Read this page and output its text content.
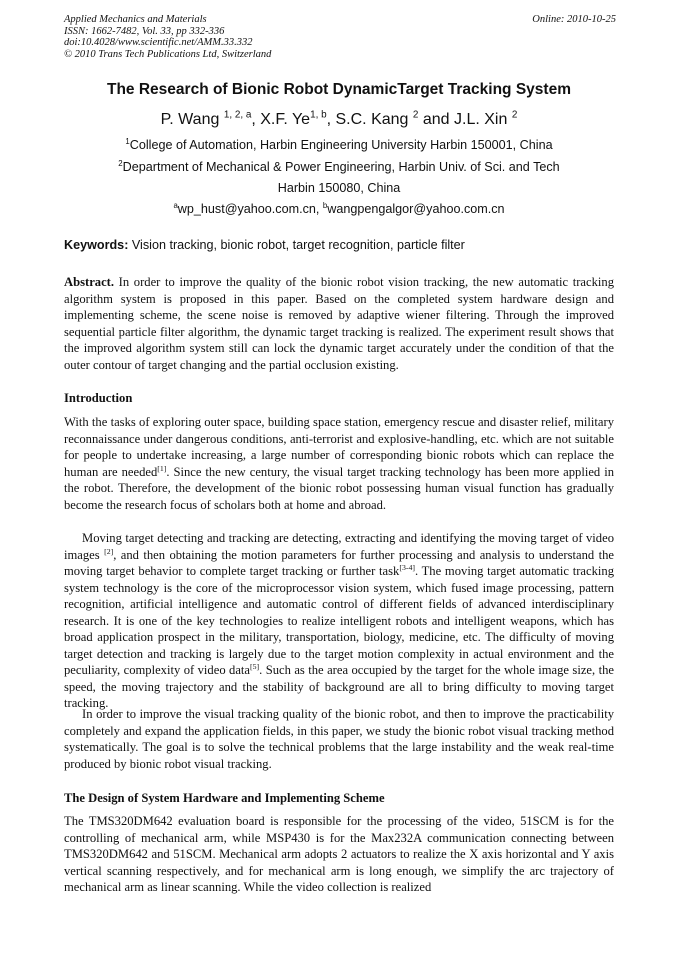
Applied Mechanics and Materials
ISSN: 1662-7482, Vol. 33, pp 332-336
doi:10.4028/www.scientific.net/AMM.33.332
© 2010 Trans Tech Publications Ltd, Switzerland
Online: 2010-10-25
The Research of Bionic Robot DynamicTarget Tracking System
P. Wang $^{1, 2, a}$, X.F. Ye$^{1, b}$, S.C. Kang $^2$ and J.L. Xin $^2$
$^1$College of Automation, Harbin Engineering University Harbin 150001, China
$^2$Department of Mechanical & Power Engineering, Harbin Univ. of Sci. and Tech
Harbin 150080, China
$^a$wp_hust@yahoo.com.cn, $^b$wangpengalgor@yahoo.com.cn
Keywords: Vision tracking, bionic robot, target recognition, particle filter
Abstract. In order to improve the quality of the bionic robot vision tracking, the new automatic tracking algorithm system is proposed in this paper. Based on the completed system hardware design and implementing scheme, the scene noise is removed by adaptive wiener filtering. Through the improved sequential particle filter algorithm, the dynamic target tracking is realized. The experiment result shows that the improved algorithm system still can lock the dynamic target accurately under the condition of that the outer contour of target changing and the partial occlusion existing.
Introduction
With the tasks of exploring outer space, building space station, emergency rescue and disaster relief, military reconnaissance under dangerous conditions, anti-terrorist and explosive-handling, etc. which are not suitable for people to undertake increasing, a large number of corresponding bionic robots which can replace the human are needed[1]. Since the new century, the visual target tracking technology has been more applied in the robot. Therefore, the development of the bionic robot possessing human visual function has gradually become the research focus of scholars both at home and abroad.
Moving target detecting and tracking are detecting, extracting and identifying the moving target of video images [2], and then obtaining the motion parameters for further processing and analysis to understand the moving target behavior to complete target tracking or further task[3-4]. The moving target automatic tracking system technology is the core of the microprocessor vision system, which fused image processing, pattern recognition, artificial intelligence and automatic control of different fields of advanced interdisciplinary research. It is one of the key technologies to realize intelligent robots and intelligent weapons, which has broad application prospect in the military, transportation, biology, medicine, etc. The difficulty of moving target detection and tracking is largely due to the target motion complexity in actual environment and the peculiarity, complexity of video data[5]. Such as the area occupied by the target for the whole image size, the speed, the moving trajectory and the stability of background are all to bring difficulty to moving target tracking.
In order to improve the visual tracking quality of the bionic robot, and then to improve the practicability completely and expand the application fields, in this paper, we study the bionic robot visual tracking method systematically. The goal is to solve the technical problems that the large instability and the weak real-time produced by bionic robot visual tracking.
The Design of System Hardware and Implementing Scheme
The TMS320DM642 evaluation board is responsible for the processing of the video, 51SCM is for the controlling of mechanical arm, while MSP430 is for the Max232A communication connecting between TMS320DM642 and 51SCM. Mechanical arm adopts 2 actuators to realize the X axis horizontal and Y axis vertical scanning respectively, and for mechanical arm is long enough, we simplify the arc trajectory of mechanical arm as linear scanning. While the video collection is realized
